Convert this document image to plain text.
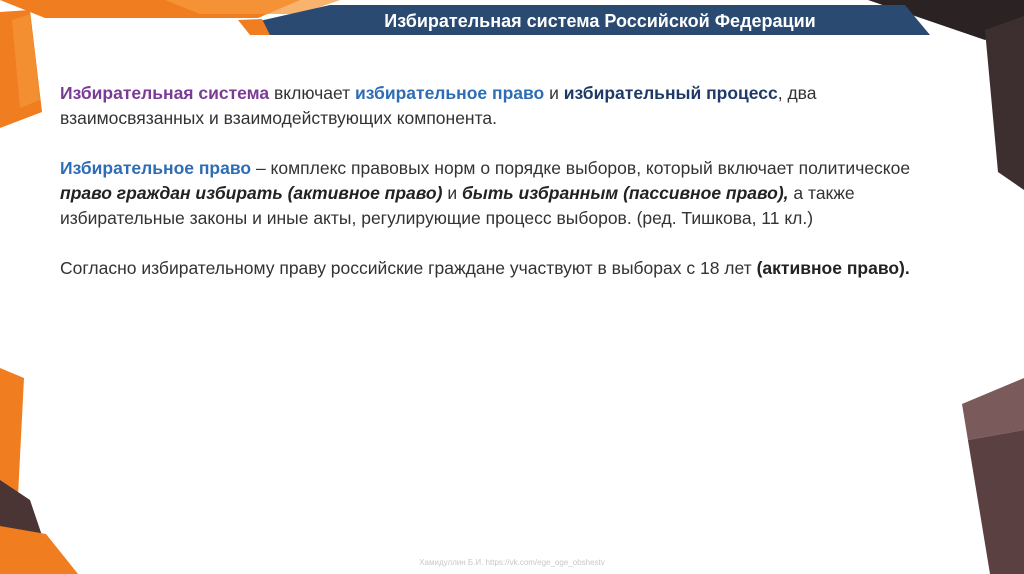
Избирательная система Российской Федерации

Избирательная система включает избирательное право и избирательный процесс, два взаимосвязанных и взаимодействующих компонента.

Избирательное право – комплекс правовых норм о порядке выборов, который включает политическое право граждан избирать (активное право) и быть избранным (пассивное право), а также избирательные законы и иные акты, регулирующие процесс выборов. (ред. Тишкова, 11 кл.)

Согласно избирательному праву российские граждане участвуют в выборах с 18 лет (активное право).

Хамидуллин Б.И. https://vk.com/ege_oge_obshestv
